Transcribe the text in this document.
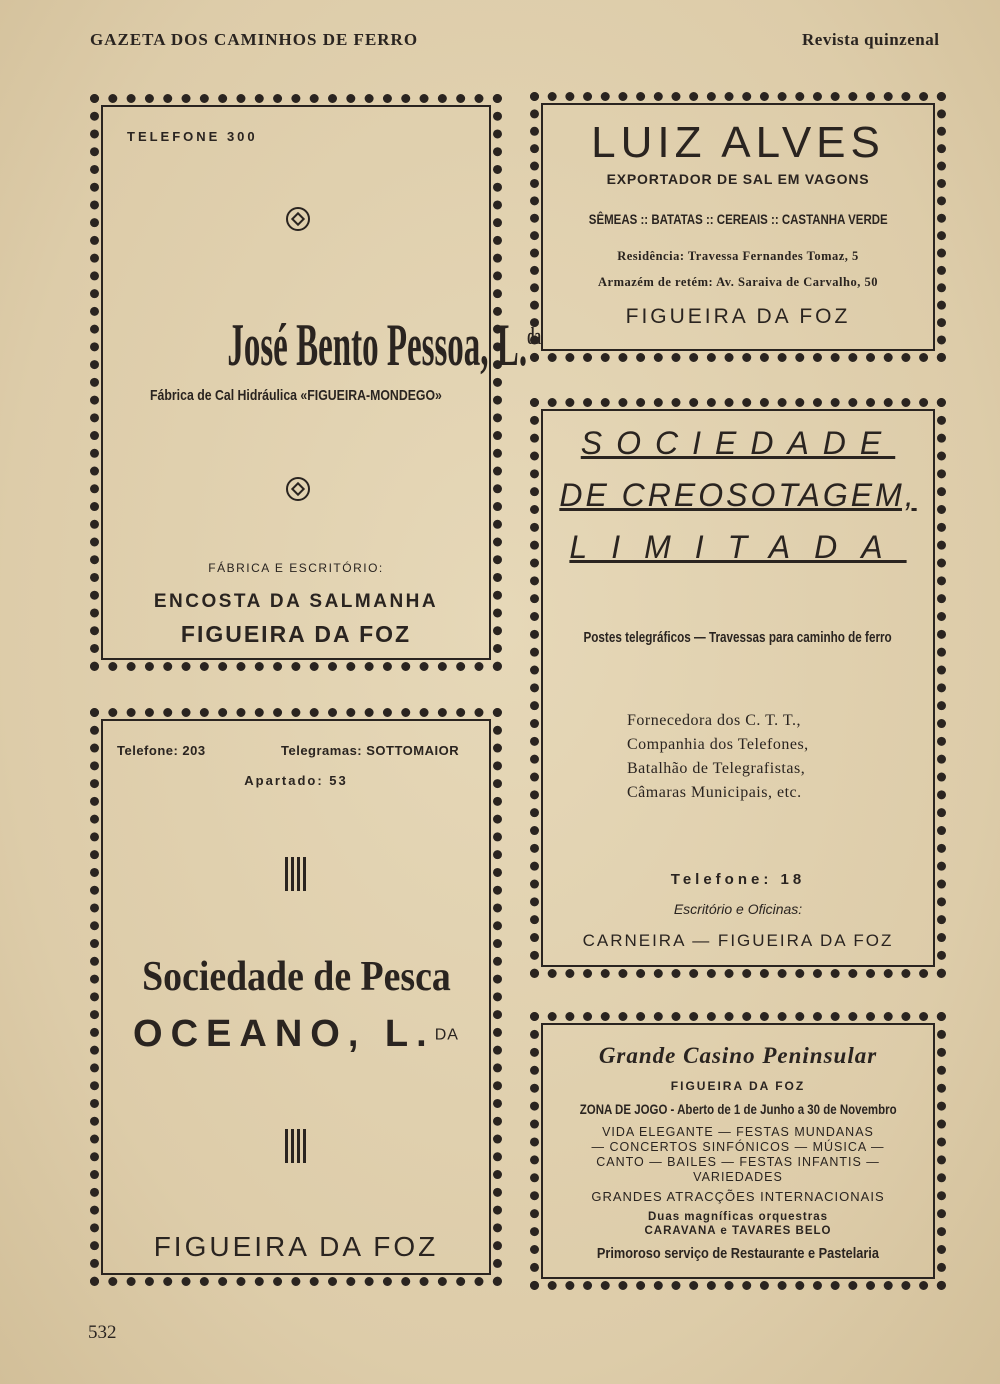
GAZETA DOS CAMINHOS DE FERRO	Revista quinzenal
TELEFONE 300
José Bento Pessoa, L.$^{da}$
Fábrica de Cal Hidráulica «FIGUEIRA-MONDEGO»
FÁBRICA E ESCRITÓRIO:
ENCOSTA DA SALMANHA
FIGUEIRA DA FOZ
LUIZ ALVES
EXPORTADOR DE SAL EM VAGONS
SÊMEAS :: BATATAS :: CEREAIS :: CASTANHA VERDE
Residência: Travessa Fernandes Tomaz, 5
Armazém de retém: Av. Saraiva de Carvalho, 50
FIGUEIRA DA FOZ
SOCIEDADE
DE CREOSOTAGEM,
LIMITADA
Postes telegráficos — Travessas para caminho de ferro
Fornecedora dos C. T. T.,
Companhia dos Telefones,
Batalhão de Telegrafistas,
Câmaras Municipais, etc.
Telefone: 18
Escritório e Oficinas:
CARNEIRA — FIGUEIRA DA FOZ
Telefone: 203	Telegramas: SOTTOMAIOR
Apartado: 53
Sociedade de Pesca
OCEANO, L.$^{DA}$
FIGUEIRA DA FOZ
Grande Casino Peninsular
FIGUEIRA DA FOZ
ZONA DE JOGO - Aberto de 1 de Junho a 30 de Novembro
VIDA ELEGANTE — FESTAS MUNDANAS
— CONCERTOS SINFÓNICOS — MÚSICA —
CANTO — BAILES — FESTAS INFANTIS —
VARIEDADES
GRANDES ATRACÇÕES INTERNACIONAIS
Duas magníficas orquestras
CARAVANA e TAVARES BELO
Primoroso serviço de Restaurante e Pastelaria
532
